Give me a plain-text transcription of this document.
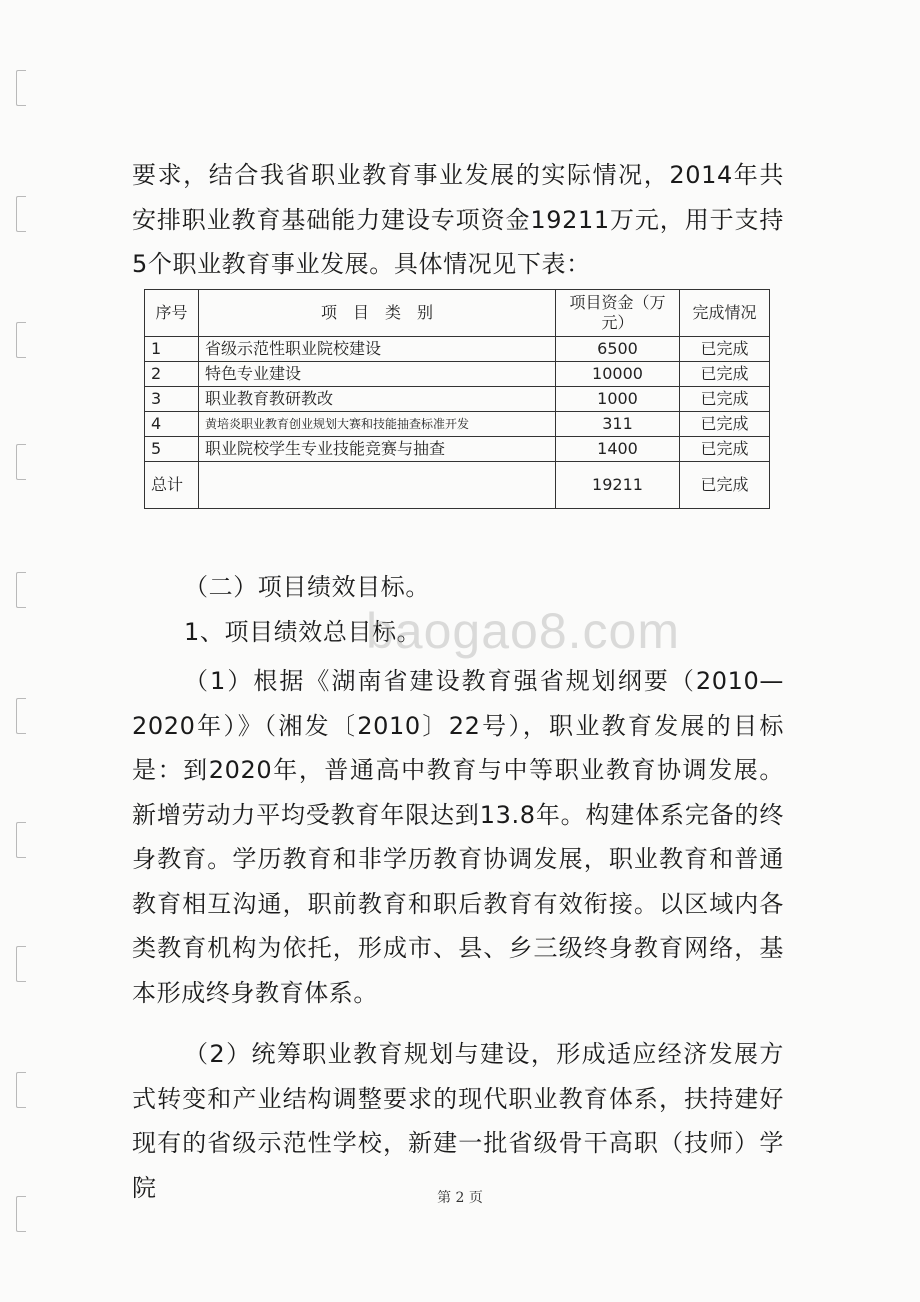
要求，结合我省职业教育事业发展的实际情况，2014年共安排职业教育基础能力建设专项资金19211万元，用于支持5个职业教育事业发展。具体情况见下表：

序号	项　目　类　别	项目资金（万元）	完成情况
1	省级示范性职业院校建设	6500	已完成
2	特色专业建设	10000	已完成
3	职业教育教研教改	1000	已完成
4	黄培炎职业教育创业规划大赛和技能抽查标准开发	311	已完成
5	职业院校学生专业技能竞赛与抽查	1400	已完成
总计		19211	已完成

（二）项目绩效目标。

1、项目绩效总目标。

baogao8.com

（1）根据《湖南省建设教育强省规划纲要（2010—2020年）》（湘发〔2010〕22号），职业教育发展的目标是：到2020年，普通高中教育与中等职业教育协调发展。新增劳动力平均受教育年限达到13.8年。构建体系完备的终身教育。学历教育和非学历教育协调发展，职业教育和普通教育相互沟通，职前教育和职后教育有效衔接。以区域内各类教育机构为依托，形成市、县、乡三级终身教育网络，基本形成终身教育体系。

（2）统筹职业教育规划与建设，形成适应经济发展方式转变和产业结构调整要求的现代职业教育体系，扶持建好现有的省级示范性学校，新建一批省级骨干高职（技师）学院	第 2 页
